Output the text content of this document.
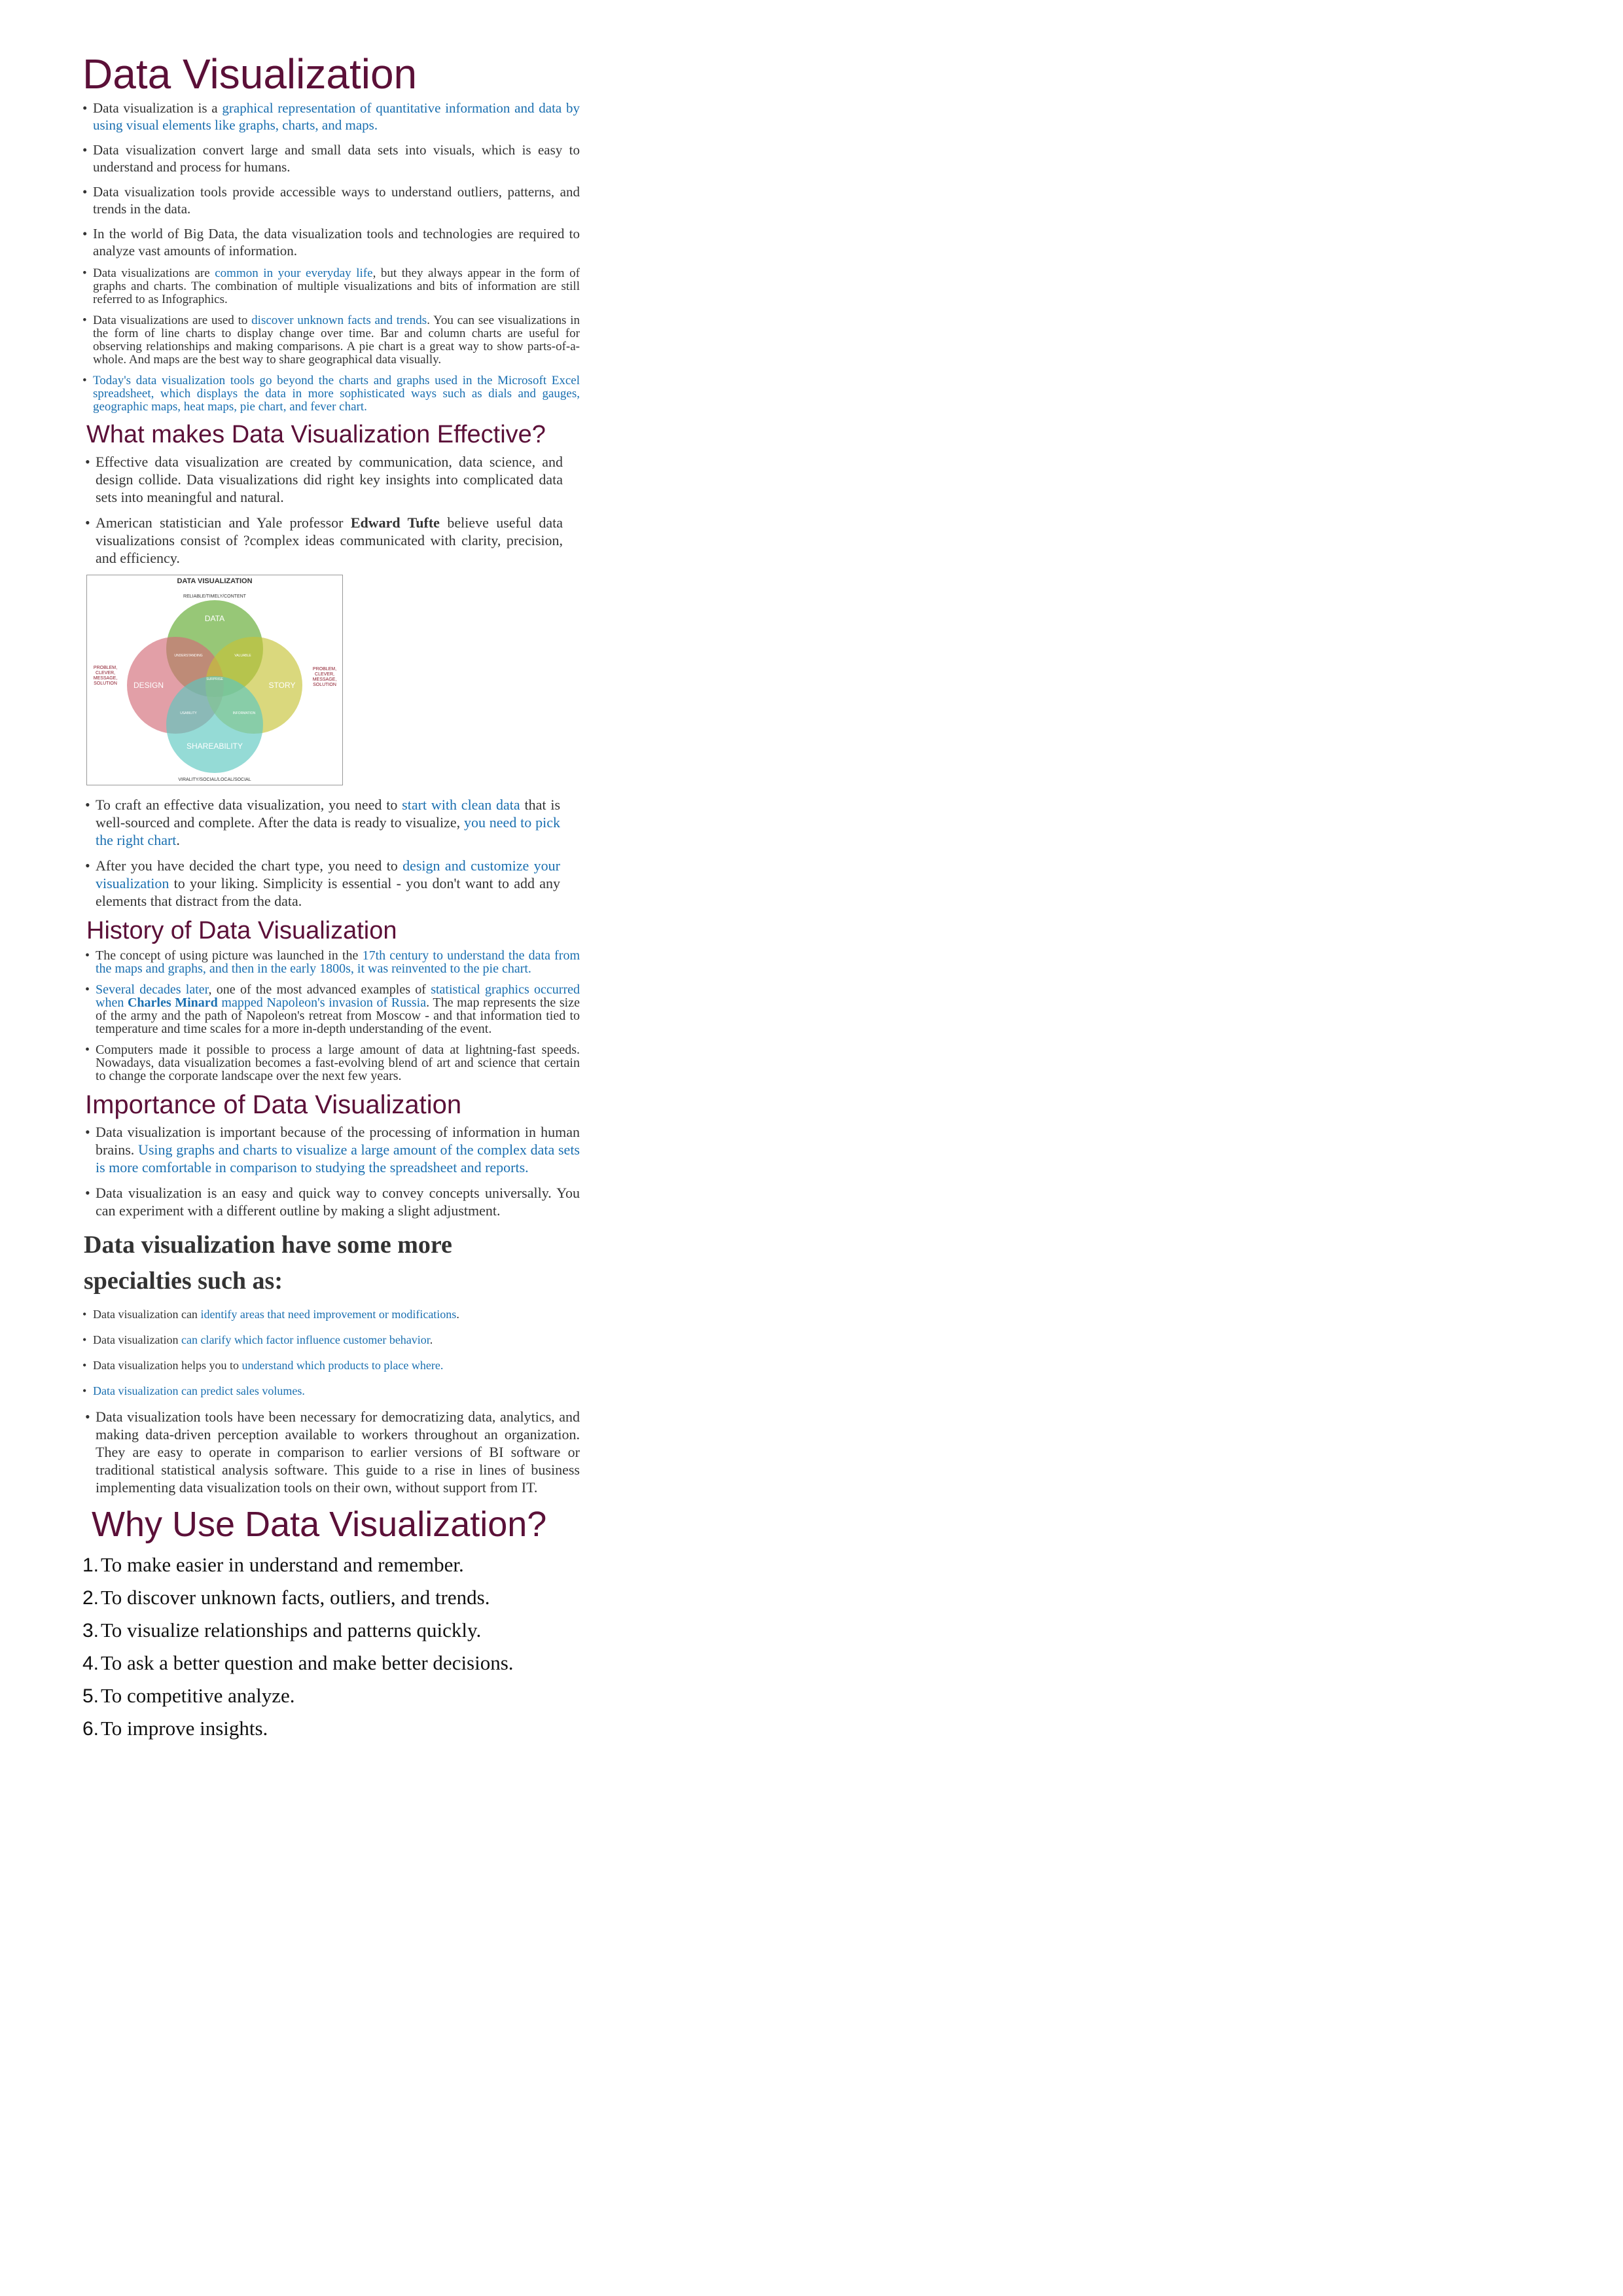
Data Visualization
• Data visualization is a graphical representation of quantitative information and data by using visual elements like graphs, charts, and maps.
• Data visualization convert large and small data sets into visuals, which is easy to understand and process for humans.
• Data visualization tools provide accessible ways to understand outliers, patterns, and trends in the data.
• In the world of Big Data, the data visualization tools and technologies are required to analyze vast amounts of information.
• Data visualizations are common in your everyday life, but they always appear in the form of graphs and charts. The combination of multiple visualizations and bits of information are still referred to as Infographics.
• Data visualizations are used to discover unknown facts and trends. You can see visualizations in the form of line charts to display change over time. Bar and column charts are useful for observing relationships and making comparisons. A pie chart is a great way to show parts-of-a-whole. And maps are the best way to share geographical data visually.
• Today's data visualization tools go beyond the charts and graphs used in the Microsoft Excel spreadsheet, which displays the data in more sophisticated ways such as dials and gauges, geographic maps, heat maps, pie chart, and fever chart.
What makes Data Visualization Effective?
• Effective data visualization are created by communication, data science, and design collide. Data visualizations did right key insights into complicated data sets into meaningful and natural.
• American statistician and Yale professor Edward Tufte believe useful data visualizations consist of ?complex ideas communicated with clarity, precision, and efficiency.
DATA VISUALIZATION
RELIABLE/TIMELY/CONTENT
VIRALITY/SOCIAL/LOCAL/SOCIAL
DATA
DESIGN	STORY
SHAREABILITY
UNDERSTANDING	VALUABLE
SURPRISE
USABILITY	INFORMATION
PROBLEM, CLEVER, MESSAGE, SOLUTION
PROBLEM, CLEVER, MESSAGE, SOLUTION
• To craft an effective data visualization, you need to start with clean data that is well-sourced and complete. After the data is ready to visualize, you need to pick the right chart.
• After you have decided the chart type, you need to design and customize your visualization to your liking. Simplicity is essential - you don't want to add any elements that distract from the data.
History of Data Visualization
• The concept of using picture was launched in the 17th century to understand the data from the maps and graphs, and then in the early 1800s, it was reinvented to the pie chart.
• Several decades later, one of the most advanced examples of statistical graphics occurred when Charles Minard mapped Napoleon's invasion of Russia. The map represents the size of the army and the path of Napoleon's retreat from Moscow - and that information tied to temperature and time scales for a more in-depth understanding of the event.
• Computers made it possible to process a large amount of data at lightning-fast speeds. Nowadays, data visualization becomes a fast-evolving blend of art and science that certain to change the corporate landscape over the next few years.
Importance of Data Visualization
• Data visualization is important because of the processing of information in human brains. Using graphs and charts to visualize a large amount of the complex data sets is more comfortable in comparison to studying the spreadsheet and reports.
• Data visualization is an easy and quick way to convey concepts universally. You can experiment with a different outline by making a slight adjustment.
Data visualization have some more specialties such as:
• Data visualization can identify areas that need improvement or modifications.
• Data visualization can clarify which factor influence customer behavior.
• Data visualization helps you to understand which products to place where.
• Data visualization can predict sales volumes.
• Data visualization tools have been necessary for democratizing data, analytics, and making data-driven perception available to workers throughout an organization. They are easy to operate in comparison to earlier versions of BI software or traditional statistical analysis software. This guide to a rise in lines of business implementing data visualization tools on their own, without support from IT.
Why Use Data Visualization?
1.To make easier in understand and remember.
2.To discover unknown facts, outliers, and trends.
3.To visualize relationships and patterns quickly.
4.To ask a better question and make better decisions.
5.To competitive analyze.
6.To improve insights.
